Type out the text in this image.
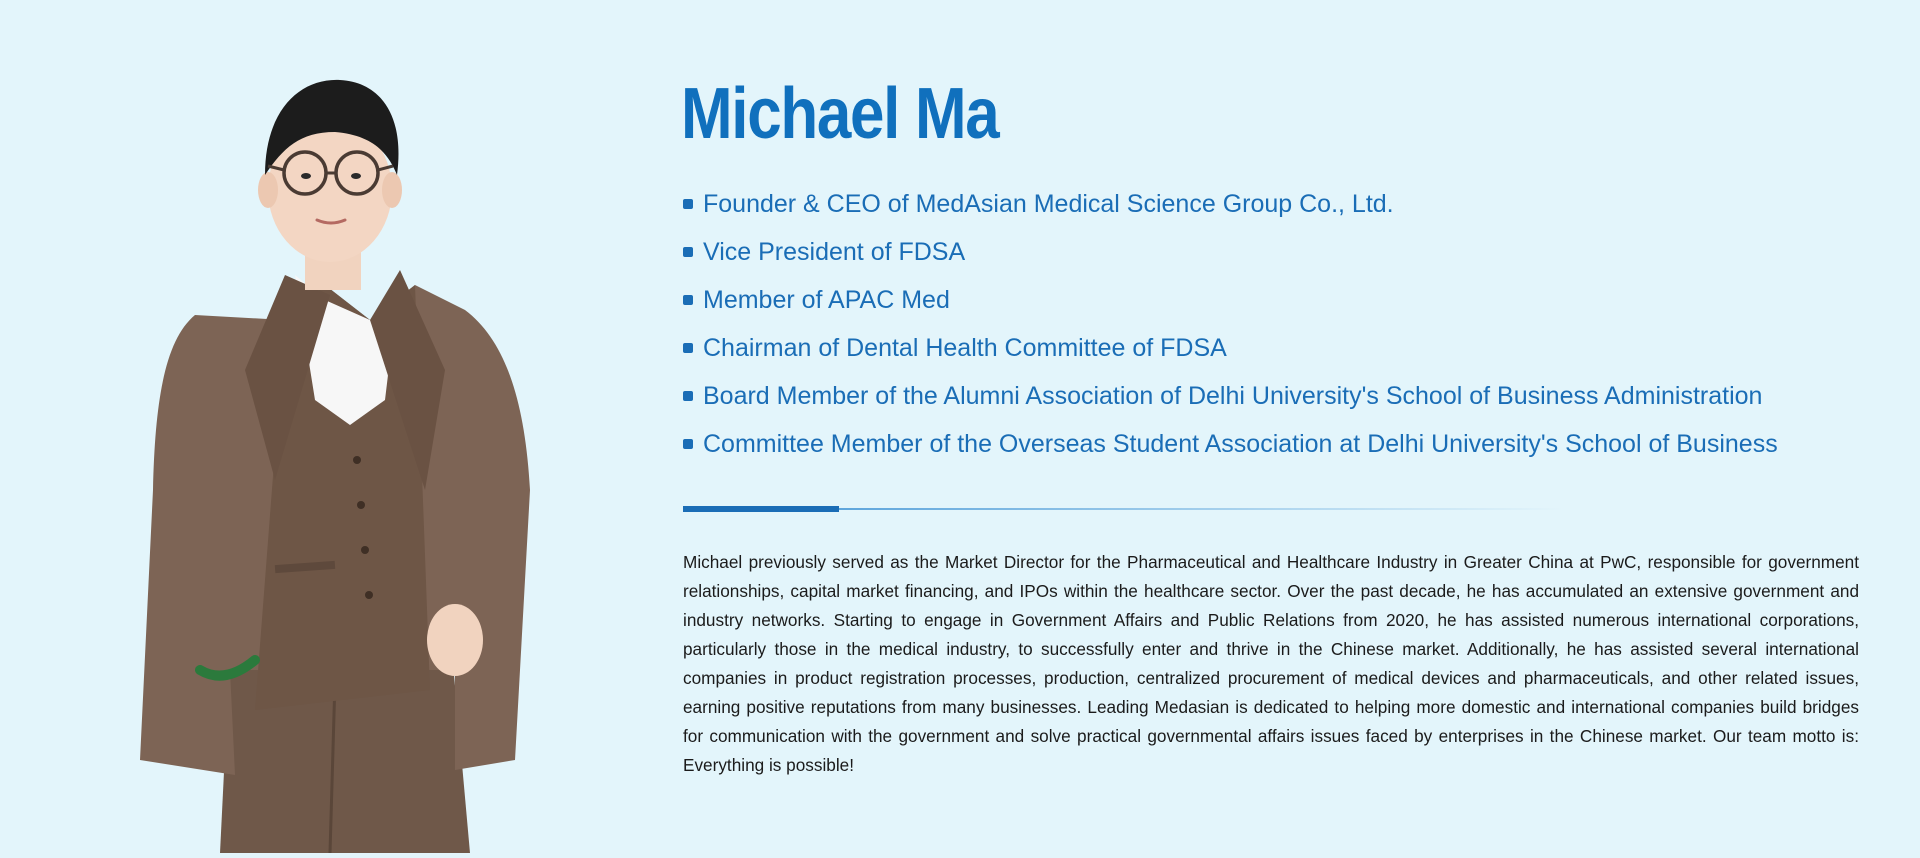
Michael Ma
Founder & CEO of MedAsian Medical Science Group Co., Ltd.
Vice President of FDSA
Member of APAC Med
Chairman of Dental Health Committee of FDSA
Board Member of the Alumni Association of Delhi University's School of Business Administration
Committee Member of the Overseas Student Association at Delhi University's School of Business

Michael previously served as the Market Director for the Pharmaceutical and Healthcare Industry in Greater China at PwC, responsible for government relationships, capital market financing, and IPOs within the healthcare sector. Over the past decade, he has accumulated an extensive government and industry networks. Starting to engage in Government Affairs and Public Relations from 2020, he has assisted numerous international corporations, particularly those in the medical industry, to successfully enter and thrive in the Chinese market. Additionally, he has assisted several international companies in product registration processes, production, centralized procurement of medical devices and pharmaceuticals, and other related issues, earning positive reputations from many businesses. Leading Medasian is dedicated to helping more domestic and international companies build bridges for communication with the government and solve practical governmental affairs issues faced by enterprises in the Chinese market. Our team motto is: Everything is possible!
